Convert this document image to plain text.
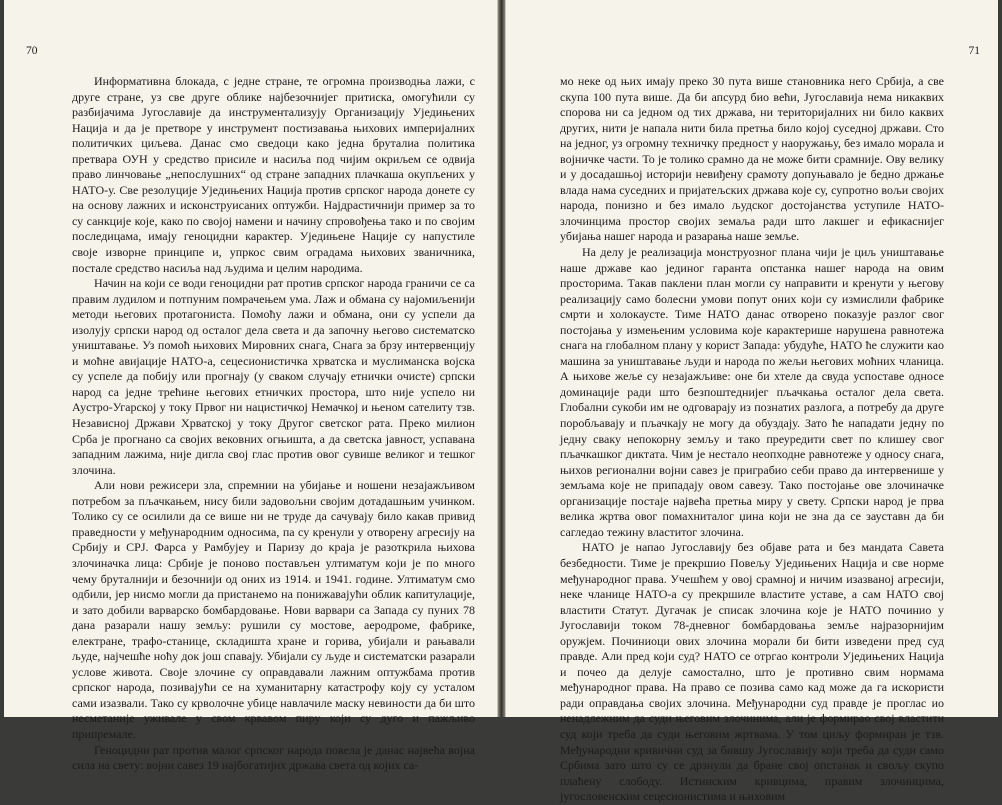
70

Информативна блокада, с једне стране, те огромна производња лажи, с друге стране, уз све друге облике најбезочнијег притиска, омогућили су разбијачима Југославије да инструментализују Организацију Уједињених Нација и да је претворе у инструмент постизавања њихових империјалних политичких циљева. Данас смо сведоци како једна бруталиа политика претвара ОУН у средство присиле и насиља под чијим окриљем се одвија право линчовање „непослушних“ од стране западних плачкаша окупљених у НАТО-у. Све резолуције Уједињених Нација против српског народа донете су на основу лажних и исконструисаних оптужби. Најдрастичнији пример за то су санкције које, како по својој намени и начину спровођења тако и по својим последицама, имају геноцидни карактер. Уједињене Нације су напустиле своје изворне принципе и, упркос свим оградама њихових званичника, постале средство насиља над људима и целим народима.

Начин на који се води геноцидни рат против српског народа граничи се са правим лудилом и потпуним помрачењем ума. Лаж и обмана су најомиљенији методи његових протагониста. Помоћу лажи и обмана, они су успели да изолују српски народ од осталог дела света и да започну његово систематско уништавање. Уз помоћ њихових Мировних снага, Снага за брзу интервенцију и моћне авијације НАТО-а, сецесионистичка хрватска и муслиманска војска су успеле да побију или прогнају (у сваком случају етнички очисте) српски народ са једне трећине његових етничких простора, што није успело ни Аустро-Угарској у току Првог ни нацистичкој Немачкој и њеном сателиту тзв. Независној Држави Хрватској у току Другог светског рата. Преко милион Срба је прогнано са својих вековних огњишта, а да светска јавност, успавана западним лажима, није дигла свој глас против овог сувише великог и тешког злочина.

Али нови режисери зла, спремнии на убијање и ношени незајажљивом потребом за пљачкањем, нису били задовољни својим дотадашњим учинком. Толико су се осилили да се више ни не труде да сачувају било какав привид праведности у међународним односима, па су кренули у отворену агресију на Србију и СРЈ. Фарса у Рамбујеу и Паризу до краја је разоткрила њихова злочиначка лица: Србије је поново постављен ултиматум који је по много чему бруталнији и безочнији од оних из 1914. и 1941. године. Ултиматум смо одбили, јер нисмо могли да пристанемо на понижавајући облик капитулације, и зато добили варварско бомбардовање. Нови варвари са Запада су пуних 78 дана разарали нашу земљу: рушили су мостове, аеродроме, фабрике, електране, трафо-станице, складишта хране и горива, убијали и рањавали људе, најчешће ноћу док још спавају. Убијали су људе и систематски разарали услове живота. Своје злочине су оправдавали лажним оптужбама против српског народа, позивајући се на хуманитарну катастрофу коју су усталом сами изазвали. Тако су крволочне убице навлачиле маску невиности да би што несметаније уживале у свом крвавом пиру који су дуго и пажљиво припремале.

Геноцидни рат против малог српског народа повела је данас највећа војна сила на свету: војни савез 19 најбогатијих држава света од којих са-

71

мо неке од њих имају преко 30 пута више становника него Србија, а све скупа 100 пута више. Да би апсурд био већи, Југославија нема никаквих спорова ни са једном од тих држава, ни територијалних ни било каквих других, нити је напала нити била претња било којој суседној држави. Сто на једног, уз огромну техничку предност у наоружању, без имало морала и војничке части. То је толико срамно да не може бити срамније. Ову велику и у досадашњој историји невиђену срамоту допуњавало је бедно држање влада нама суседних и пријатељских држава које су, супротно вољи својих народа, понизно и без имало људског достојанства уступиле НАТО-злочинцима простор својих земаља ради што лакшег и ефикаснијег убијања нашег народа и разарања наше земље.

На делу је реализација монструозног плана чији је циљ уништавање наше државе као јединог гаранта опстанка нашег народа на овим просторима. Такав паклени план могли су направити и кренути у његову реализацију само болесни умови попут оних који су измислили фабрике смрти и холокаусте. Тиме НАТО данас отворено показује разлог свог постојања у измењеним условима које карактерише нарушена равнотежа снага на глобалном плану у корист Запада: убудуће, НАТО ће служити као машина за уништавање људи и народа по жељи његових моћних чланица. А њихове жеље су незајажљиве: оне би хтеле да свуда успоставе односе доминације ради што безпоштеднијег пљачкања осталог дела света. Глобални сукоби им не одговарају из познатих разлога, а потребу да друге поробљавају и пљачкају не могу да обуздају. Зато ће нападати једну по једну сваку непокорну земљу и тако преуредити свет по клишеу свог пљачкашког диктата. Чим је нестало неопходне равнотеже у односу снага, њихов регионални војни савез је приграбио себи право да интервенише у земљама које не припадају овом савезу. Тако постојање ове злочиначке организације постаје највећа претња миру у свету. Српски народ је прва велика жртва овог помахниталог џина који не зна да се зауставн да би сагледао тежину властитог злочина.

НАТО је напао Југославију без објаве рата и без мандата Савета безбедности. Тиме је прекршио Повељу Уједињених Нација и све норме међународног права. Учешћем у овој срамној и ничим изазваној агресији, неке чланице НАТО-а су прекршиле властите уставе, а сам НАТО свој властити Статут. Дугачак је списак злочина које је НАТО починио у Југославији током 78-дневног бомбардовања земље најразорнијим оружјем. Починиоци ових злочина морали би бити изведени пред суд правде. Али пред који суд? НАТО се отргао контроли Уједињених Нација и почео да делује самостално, што је противно свим нормама међународног права. На право се позива само кад може да га искористи ради оправдања својих злочина. Међународни суд правде је проглас ио ненадлежним да суди његовим злочинима, али је формирао свој властити суд који треба да суди његовим жртвама. У том циљу формиран је тзв. Међународни кривични суд за бившу Југославију који треба да суди само Србима зато што су се дрзнули да бране свој опстанак и свољу скупо плаћену слободу. Истинским кривцима, правим злочинцима, југословенским сецесионистима и њиховим
